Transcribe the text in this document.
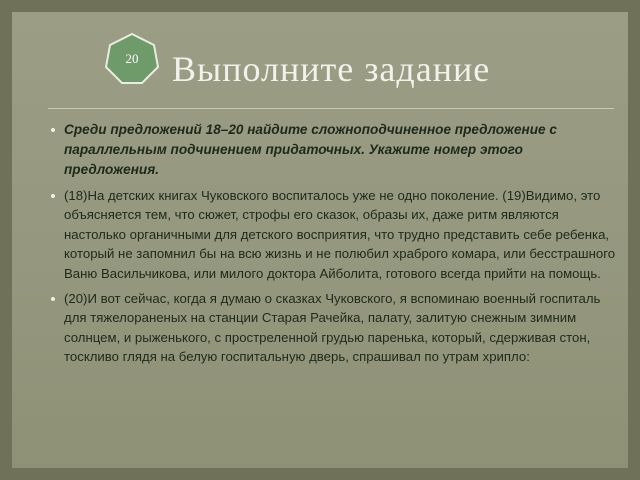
20 Выполните задание
• Среди предложений 18–20 найдите сложноподчиненное предложение с параллельным подчинением придаточных. Укажите номер этого предложения.
• (18)На детских книгах Чуковского воспиталось уже не одно поколение. (19)Видимо, это объясняется тем, что сюжет, строфы его сказок, образы их, даже ритм являются настолько органичными для детского восприятия, что трудно представить себе ребенка, который не запомнил бы на всю жизнь и не полюбил храброго комара, или бесстрашного Ваню Васильчикова, или милого доктора Айболита, готового всегда прийти на помощь.
• (20)И вот сейчас, когда я думаю о сказках Чуковского, я вспоминаю военный госпиталь для тяжелораненых на станции Старая Рачейка, палату, залитую снежным зимним солнцем, и рыженького, с простреленной грудью паренька, который, сдерживая стон, тоскливо глядя на белую госпитальную дверь, спрашивал по утрам хрипло:
